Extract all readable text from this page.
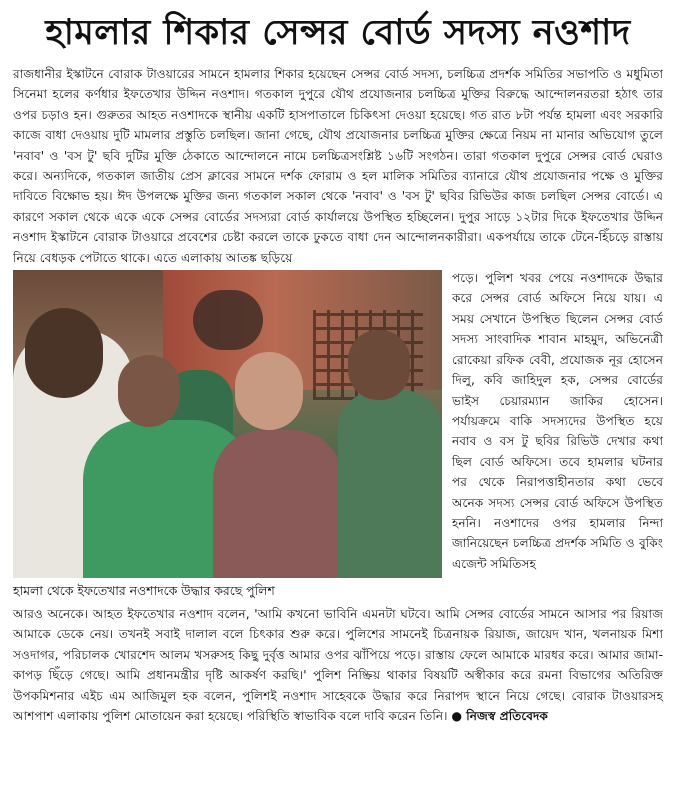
হামলার শিকার সেন্সর বোর্ড সদস্য নওশাদ

রাজধানীর ইস্কাটনে বোরাক টাওয়ারের সামনে হামলার শিকার হয়েছেন সেন্সর বোর্ড সদস্য, চলচ্চিত্র প্রদর্শক সমিতির সভাপতি ও মধুমিতা সিনেমা হলের কর্ণধার ইফতেখার উদ্দিন নওশাদ। গতকাল দুপুরে যৌথ প্রযোজনার চলচ্চিত্র মুক্তির বিরুদ্ধে আন্দোলনরতরা হঠাৎ তার ওপর চড়াও হন। গুরুতর আহত নওশাদকে স্থানীয় একটি হাসপাতালে চিকিৎসা দেওয়া হয়েছে। গত রাত ৮টা পর্যন্ত হামলা এবং সরকারি কাজে বাধা দেওয়ায় দুটি মামলার প্রস্তুতি চলছিল। জানা গেছে, যৌথ প্রযোজনার চলচ্চিত্র মুক্তির ক্ষেত্রে নিয়ম না মানার অভিযোগ তুলে 'নবাব' ও 'বস টু' ছবি দুটির মুক্তি ঠেকাতে আন্দোলনে নামে চলচ্চিত্রসংশ্লিষ্ট ১৬টি সংগঠন। তারা গতকাল দুপুরে সেন্সর বোর্ড ঘেরাও করে। অন্যদিকে, গতকাল জাতীয় প্রেস ক্লাবের সামনে দর্শক ফোরাম ও হল মালিক সমিতির ব্যানারে যৌথ প্রযোজনার পক্ষে ও মুক্তির দাবিতে বিক্ষোভ হয়। ঈদ উপলক্ষে মুক্তির জন্য গতকাল সকাল থেকে 'নবাব' ও 'বস টু' ছবির রিভিউর কাজ চলছিল সেন্সর বোর্ডে। এ কারণে সকাল থেকে একে একে সেন্সর বোর্ডের সদস্যরা বোর্ড কার্যালয়ে উপস্থিত হচ্ছিলেন। দুপুর সাড়ে ১২টার দিকে ইফতেখার উদ্দিন নওশাদ ইস্কাটনে বোরাক টাওয়ারে প্রবেশের চেষ্টা করলে তাকে ঢুকতে বাধা দেন আন্দোলনকারীরা। একপর্যায়ে তাকে টেনে-হিঁচড়ে রাস্তায় নিয়ে বেধড়ক পেটাতে থাকে। এতে এলাকায় আতঙ্ক ছড়িয়ে

হামলা থেকে ইফতেখার নওশাদকে উদ্ধার করছে পুলিশ

পড়ে। পুলিশ খবর পেয়ে নওশাদকে উদ্ধার করে সেন্সর বোর্ড অফিসে নিয়ে যায়। এ সময় সেখানে উপস্থিত ছিলেন সেন্সর বোর্ড সদস্য সাংবাদিক শাবান মাহমুদ, অভিনেত্রী রোকেয়া রফিক বেবী, প্রযোজক নূর হোসেন দিলু, কবি জাহিদুল হক, সেন্সর বোর্ডের ভাইস চেয়ারম্যান জাকির হোসেন। পর্যায়ক্রমে বাকি সদস্যদের উপস্থিত হয়ে নবাব ও বস টু ছবির রিভিউ দেখার কথা ছিল বোর্ড অফিসে। তবে হামলার ঘটনার পর থেকে নিরাপত্তাহীনতার কথা ভেবে অনেক সদস্য সেন্সর বোর্ড অফিসে উপস্থিত হননি। নওশাদের ওপর হামলার নিন্দা জানিয়েছেন চলচ্চিত্র প্রদর্শক সমিতি ও বুকিং এজেন্ট সমিতিসহ

আরও অনেকে। আহত ইফতেখার নওশাদ বলেন, 'আমি কখনো ভাবিনি এমনটা ঘটবে। আমি সেন্সর বোর্ডের সামনে আসার পর রিয়াজ আমাকে ডেকে নেয়। তখনই সবাই দালাল বলে চিৎকার শুরু করে। পুলিশের সামনেই চিত্রনায়ক রিয়াজ, জায়েদ খান, খলনায়ক মিশা সওদাগর, পরিচালক খোরশেদ আলম খসরুসহ কিছু দুর্বৃত্ত আমার ওপর ঝাঁপিয়ে পড়ে। রাস্তায় ফেলে আমাকে মারধর করে। আমার জামা-কাপড় ছিঁড়ে গেছে। আমি প্রধানমন্ত্রীর দৃষ্টি আকর্ষণ করছি।' পুলিশ নিষ্ক্রিয় থাকার বিষয়টি অস্বীকার করে রমনা বিভাগের অতিরিক্ত উপকমিশনার এইচ এম আজিমুল হক বলেন, পুলিশই নওশাদ সাহেবকে উদ্ধার করে নিরাপদ স্থানে নিয়ে গেছে। বোরাক টাওয়ারসহ আশপাশ এলাকায় পুলিশ মোতায়েন করা হয়েছে। পরিস্থিতি স্বাভাবিক বলে দাবি করেন তিনি। ● নিজস্ব প্রতিবেদক
